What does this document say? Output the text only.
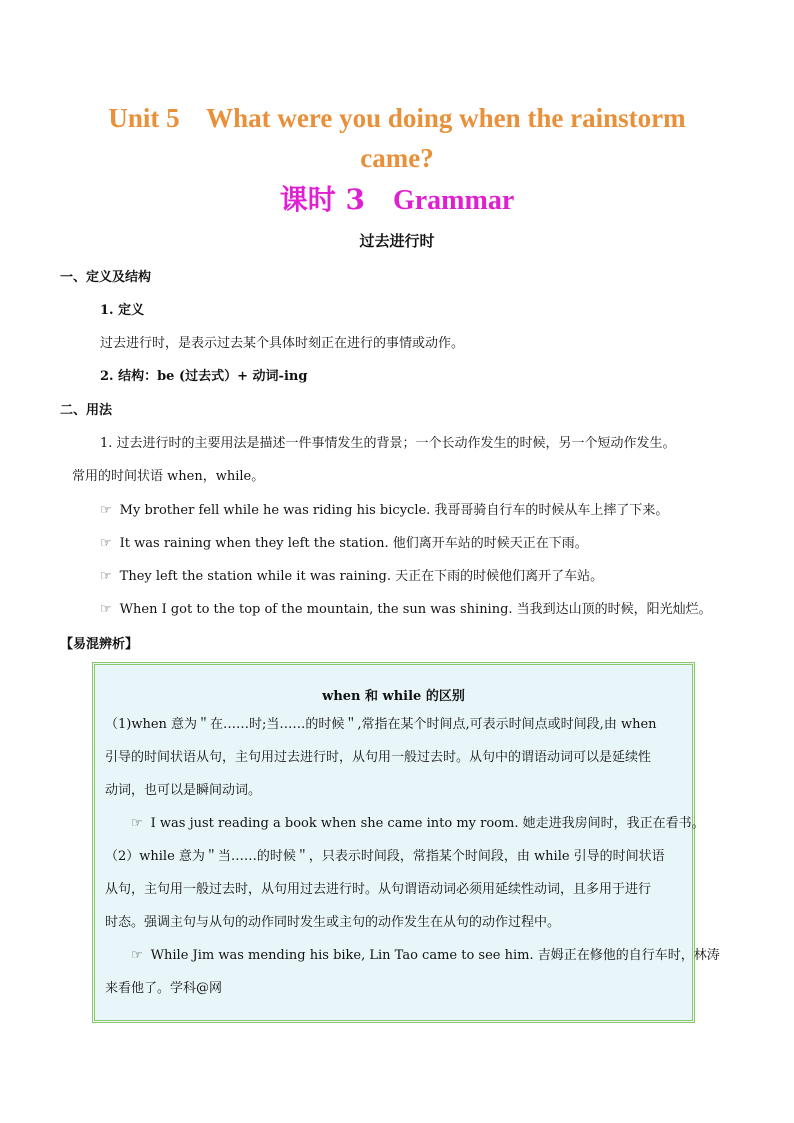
Unit 5    What were you doing when the rainstorm
came?
课时 3 Grammar
过去进行时
一、定义及结构
1. 定义
过去进行时，是表示过去某个具体时刻正在进行的事情或动作。
2. 结构：be (过去式）+ 动词-ing
二、用法
1. 过去进行时的主要用法是描述一件事情发生的背景；一个长动作发生的时候，另一个短动作发生。
常用的时间状语 when，while。
☞ My brother fell while he was riding his bicycle. 我哥哥骑自行车的时候从车上摔了下来。
☞ It was raining when they left the station. 他们离开车站的时候天正在下雨。
☞ They left the station while it was raining. 天正在下雨的时候他们离开了车站。
☞ When I got to the top of the mountain, the sun was shining. 当我到达山顶的时候，阳光灿烂。
【易混辨析】
when 和 while 的区别
（1)when 意为＂在……时;当……的时候＂,常指在某个时间点,可表示时间点或时间段,由 when
引导的时间状语从句，主句用过去进行时，从句用一般过去时。从句中的谓语动词可以是延续性
动词，也可以是瞬间动词。
☞ I was just reading a book when she came into my room. 她走进我房间时，我正在看书。
（2）while 意为＂当……的时候＂，只表示时间段，常指某个时间段，由 while 引导的时间状语
从句，主句用一般过去时，从句用过去进行时。从句谓语动词必须用延续性动词，且多用于进行
时态。强调主句与从句的动作同时发生或主句的动作发生在从句的动作过程中。
☞ While Jim was mending his bike, Lin Tao came to see him. 吉姆正在修他的自行车时，林涛
来看他了。学科@网
